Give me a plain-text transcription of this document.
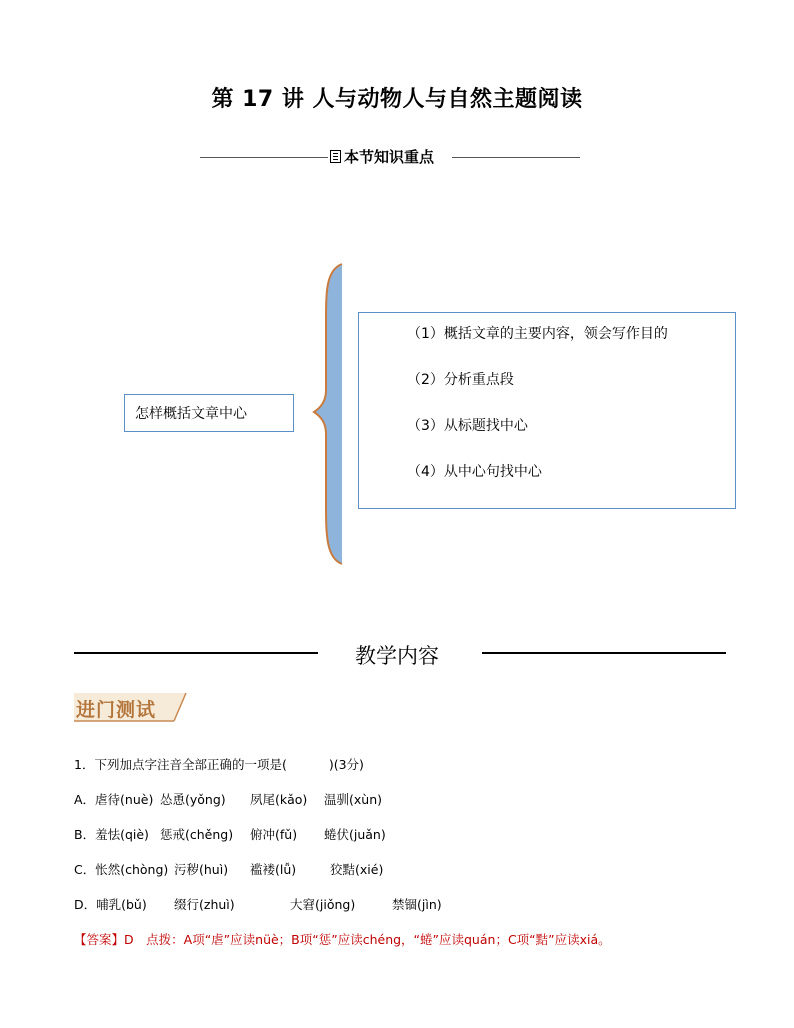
第 17 讲 人与动物人与自然主题阅读
本节知识重点
怎样概括文章中心
（1）概括文章的主要内容，领会写作目的
（2）分析重点段
（3）从标题找中心
（4）从中心句找中心
教学内容
进门测试
1．下列加点字注音全部正确的一项是(	)(3分)
A．虐待(nuè) 怂恿(yǒng) 夙尾(kǎo) 温驯(xùn)
B．羞怯(qiè) 惩戒(chěng) 俯冲(fǔ) 蜷伏(juǎn)
C．怅然(chòng) 污秽(huì) 褴褛(lǚ)	狡黠(xié)
D．哺乳(bǔ) 缀行(zhuì)	大窘(jiǒng)	禁锢(jìn)
【答案】D　点拨：A项“虐”应读nüè；B项“惩”应读chéng，“蜷”应读quán；C项“黠”应读xiá。
